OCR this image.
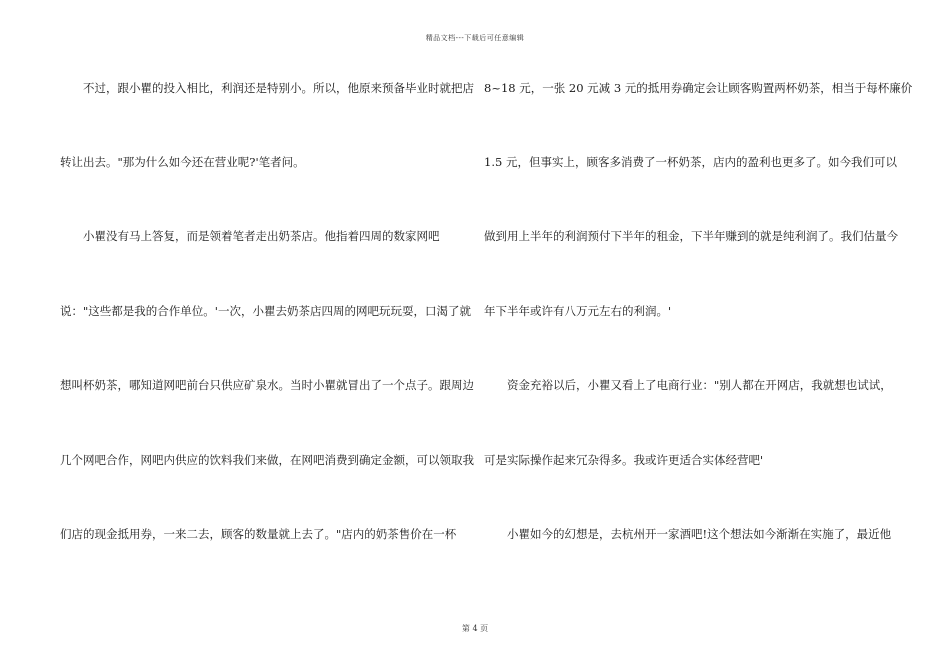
精品文档---下载后可任意编辑
不过，跟小瞿的投入相比，利润还是特别小。所以，他原来预备毕业时就把店
转让出去。"那为什么如今还在营业呢?'笔者问。
小瞿没有马上答复，而是领着笔者走出奶茶店。他指着四周的数家网吧
说："这些都是我的合作单位。'一次，小瞿去奶茶店四周的网吧玩玩耍，口渴了就
想叫杯奶茶，哪知道网吧前台只供应矿泉水。当时小瞿就冒出了一个点子。跟周边
几个网吧合作，网吧内供应的饮料我们来做，在网吧消费到确定金额，可以领取我
们店的现金抵用券，一来二去，顾客的数量就上去了。"店内的奶茶售价在一杯
8~18 元，一张 20 元减 3 元的抵用券确定会让顾客购置两杯奶茶，相当于每杯廉价
1.5 元，但事实上，顾客多消费了一杯奶茶，店内的盈利也更多了。如今我们可以
做到用上半年的利润预付下半年的租金，下半年赚到的就是纯利润了。我们估量今
年下半年或许有八万元左右的利润。'
资金充裕以后，小瞿又看上了电商行业："别人都在开网店，我就想也试试，
可是实际操作起来冗杂得多。我或许更适合实体经营吧'
小瞿如今的幻想是，去杭州开一家酒吧!这个想法如今渐渐在实施了，最近他
第 4 页
